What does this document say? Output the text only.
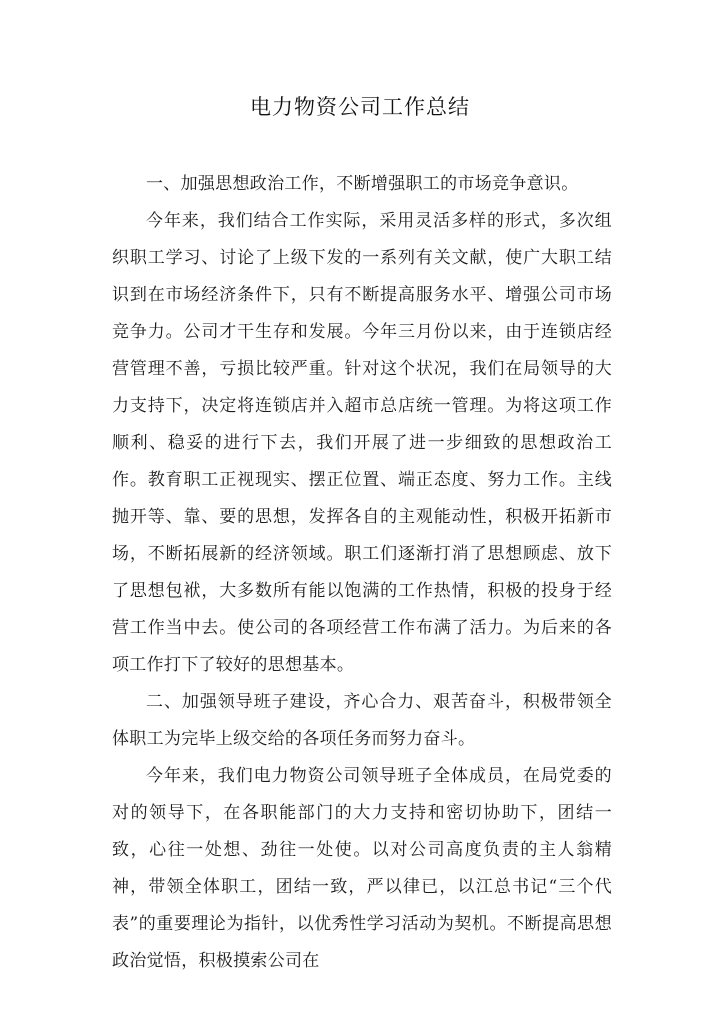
电力物资公司工作总结

一、加强思想政治工作，不断增强职工的市场竞争意识。

今年来，我们结合工作实际，采用灵活多样的形式，多次组织职工学习、讨论了上级下发的一系列有关文献，使广大职工结识到在市场经济条件下，只有不断提高服务水平、增强公司市场竞争力。公司才干生存和发展。今年三月份以来，由于连锁店经营管理不善，亏损比较严重。针对这个状况，我们在局领导的大力支持下，决定将连锁店并入超市总店统一管理。为将这项工作顺利、稳妥的进行下去，我们开展了进一步细致的思想政治工作。教育职工正视现实、摆正位置、端正态度、努力工作。主线抛开等、靠、要的思想，发挥各自的主观能动性，积极开拓新市场，不断拓展新的经济领域。职工们逐渐打消了思想顾虑、放下了思想包袱，大多数所有能以饱满的工作热情，积极的投身于经营工作当中去。使公司的各项经营工作布满了活力。为后来的各项工作打下了较好的思想基本。

二、加强领导班子建设，齐心合力、艰苦奋斗，积极带领全体职工为完毕上级交给的各项任务而努力奋斗。

今年来，我们电力物资公司领导班子全体成员，在局党委的对的领导下，在各职能部门的大力支持和密切协助下，团结一致，心往一处想、劲往一处使。以对公司高度负责的主人翁精神，带领全体职工，团结一致，严以律已，以江总书记“三个代表”的重要理论为指针，以优秀性学习活动为契机。不断提高思想政治觉悟，积极摸索公司在
